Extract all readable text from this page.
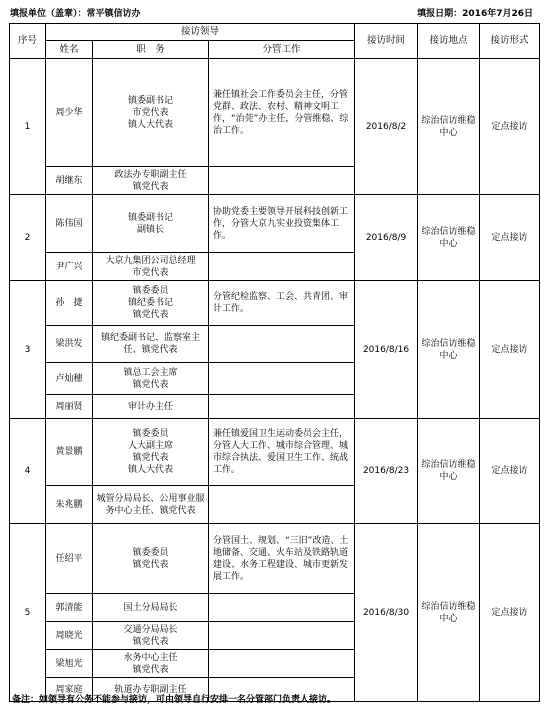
填报单位（盖章）：常平镇信访办	填报日期：2016年7月26日
序号	接访领导			接访时间	接访地点	接访形式
	姓名	职　务	分管工作			
1	周少华	镇委副书记
市党代表
镇人大代表	兼任镇社会工作委员会主任，分管党群、政法、农村、精神文明工作，“治莞”办主任，分管维稳、综治工作。	2016/8/2	综治信访维稳中心	定点接访
	胡继东	政法办专职副主任
镇党代表				
2	陈伟国	镇委副书记
副镇长	协助党委主要领导开展科技创新工作，分管大京九实业投资集体工作。	2016/8/9	综治信访维稳中心	定点接访
	尹广兴	大京九集团公司总经理
市党代表				
3	孙　捷	镇委委员
镇纪委书记
镇党代表	分管纪检监察、工会、共青团、审计工作。	2016/8/16	综治信访维稳中心	定点接访
	梁洪发	镇纪委副书记、监察室主任、镇党代表				
	卢灿穗	镇总工会主席
镇党代表				
	周丽贤	审计办主任				
4	黄景鹏	镇委委员
人大副主席
镇党代表
镇人大代表	兼任镇爱国卫生运动委员会主任，分管人大工作、城市综合管理、城市综合执法、爱国卫生工作、统战工作。	2016/8/23	综治信访维稳中心	定点接访
	朱兆鹏	城管分局局长、公用事业服务中心主任、镇党代表				
5	任绍平	镇委委员
镇党代表	分管国土、规划、“三旧”改造、土地储备、交通、火车站及铁路轨道建设、水务工程建设、城市更新发展工作。	2016/8/30	综治信访维稳中心	定点接访
	郭清能	国土分局局长				
	周晓光	交通分局局长
镇党代表				
	梁旭光	水务中心主任
镇党代表				
	周家庭	轨道办专职副主任				
备注：如领导有公务不能参与接访，可由领导自行安排一名分管部门负责人接访。
